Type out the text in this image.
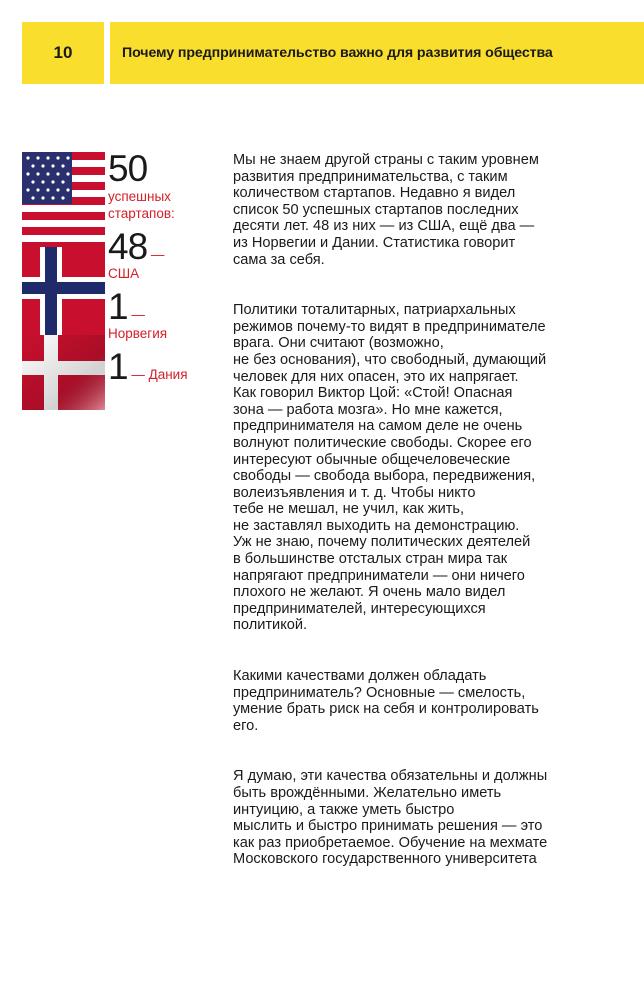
10	Почему предпринимательство важно для развития общества
50
успешных
стартапов:
48 —
США
1 —
Норвегия
1 — Дания

Мы не знаем другой страны с таким уровнем
развития предпринимательства, с таким
количеством стартапов. Недавно я видел
список 50 успешных стартапов последних
десяти лет. 48 из них — из США, ещё два —
из Норвегии и Дании. Статистика говорит
сама за себя.

Политики тоталитарных, патриархальных
режимов почему-то видят в предпринимателе
врага. Они считают (возможно,
не без основания), что свободный, думающий
человек для них опасен, это их напрягает.
Как говорил Виктор Цой: «Стой! Опасная
зона — работа мозга». Но мне кажется,
предпринимателя на самом деле не очень
волнуют политические свободы. Скорее его
интересуют обычные общечеловеческие
свободы — свобода выбора, передвижения,
волеизъявления и т. д. Чтобы никто
тебе не мешал, не учил, как жить,
не заставлял выходить на демонстрацию.
Уж не знаю, почему политических деятелей
в большинстве отсталых стран мира так
напрягают предприниматели — они ничего
плохого не желают. Я очень мало видел
предпринимателей, интересующихся
политикой.

Какими качествами должен обладать
предприниматель? Основные — смелость,
умение брать риск на себя и контролировать
его.

Я думаю, эти качества обязательны и должны
быть врождёнными. Желательно иметь
интуицию, а также уметь быстро
мыслить и быстро принимать решения — это
как раз приобретаемое. Обучение на мехмате
Московского государственного университета
